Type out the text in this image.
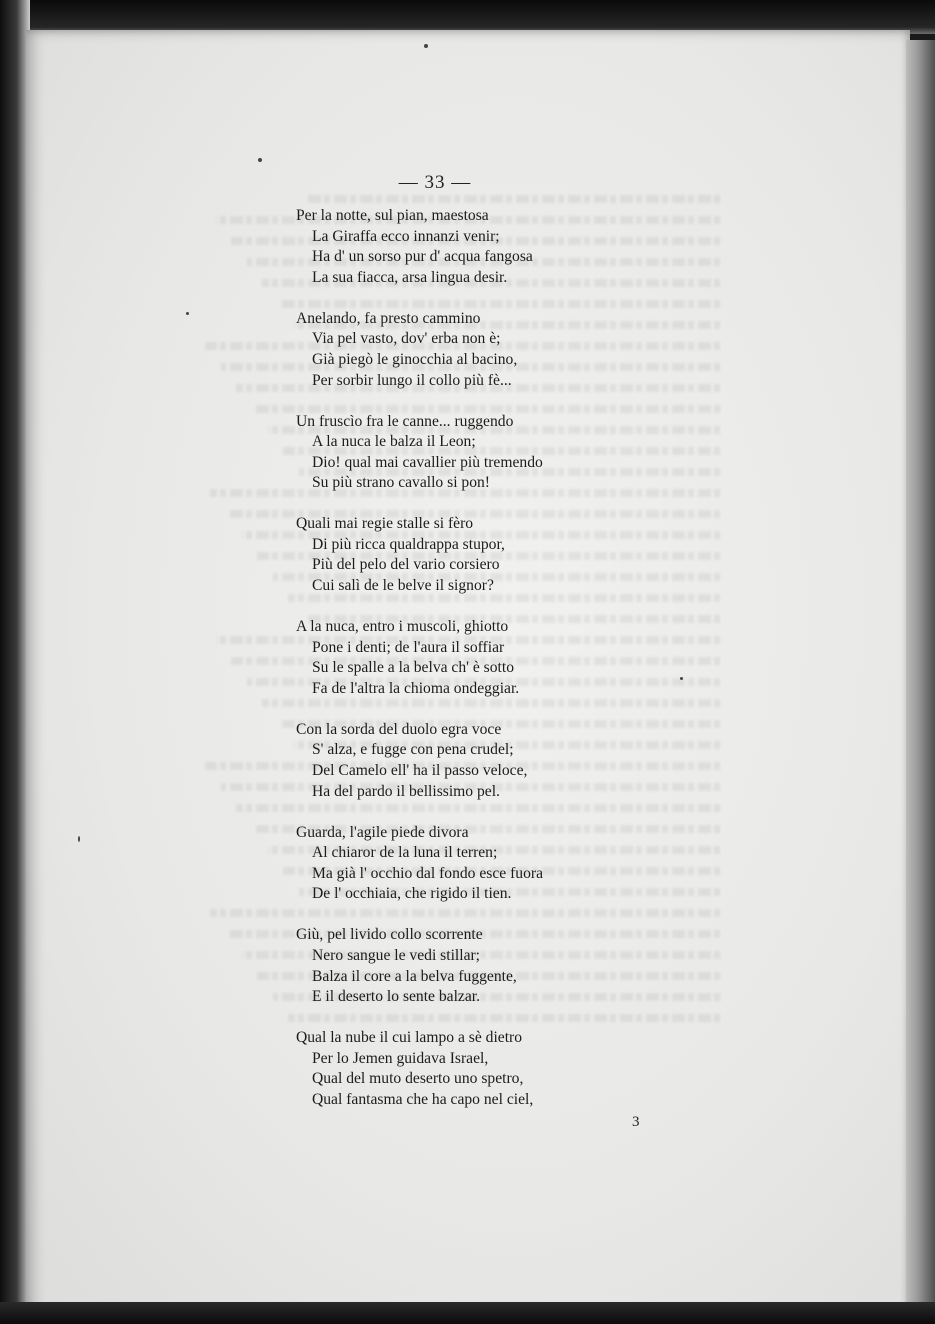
— 33 —
Per la notte, sul pian, maestosa
La Giraffa ecco innanzi venir;
Ha d' un sorso pur d' acqua fangosa
La sua fiacca, arsa lingua desir.
Anelando, fa presto cammino
Via pel vasto, dov' erba non è;
Già piegò le ginocchia al bacino,
Per sorbir lungo il collo più fè...
Un fruscìo fra le canne... ruggendo
A la nuca le balza il Leon;
Dio! qual mai cavallier più tremendo
Su più strano cavallo si pon!
Quali mai regie stalle si fèro
Di più ricca qualdrappa stupor,
Più del pelo del vario corsiero
Cui salì de le belve il signor?
A la nuca, entro i muscoli, ghiotto
Pone i denti; de l'aura il soffiar
Su le spalle a la belva ch' è sotto
Fa de l'altra la chioma ondeggiar.
Con la sorda del duolo egra voce
S' alza, e fugge con pena crudel;
Del Camelo ell' ha il passo veloce,
Ha del pardo il bellissimo pel.
Guarda, l'agile piede divora
Al chiaror de la luna il terren;
Ma già l' occhio dal fondo esce fuora
De l' occhiaia, che rigido il tien.
Giù, pel livido collo scorrente
Nero sangue le vedi stillar;
Balza il core a la belva fuggente,
E il deserto lo sente balzar.
Qual la nube il cui lampo a sè dietro
Per lo Jemen guidava Israel,
Qual del muto deserto uno spetro,
Qual fantasma che ha capo nel ciel,
3
